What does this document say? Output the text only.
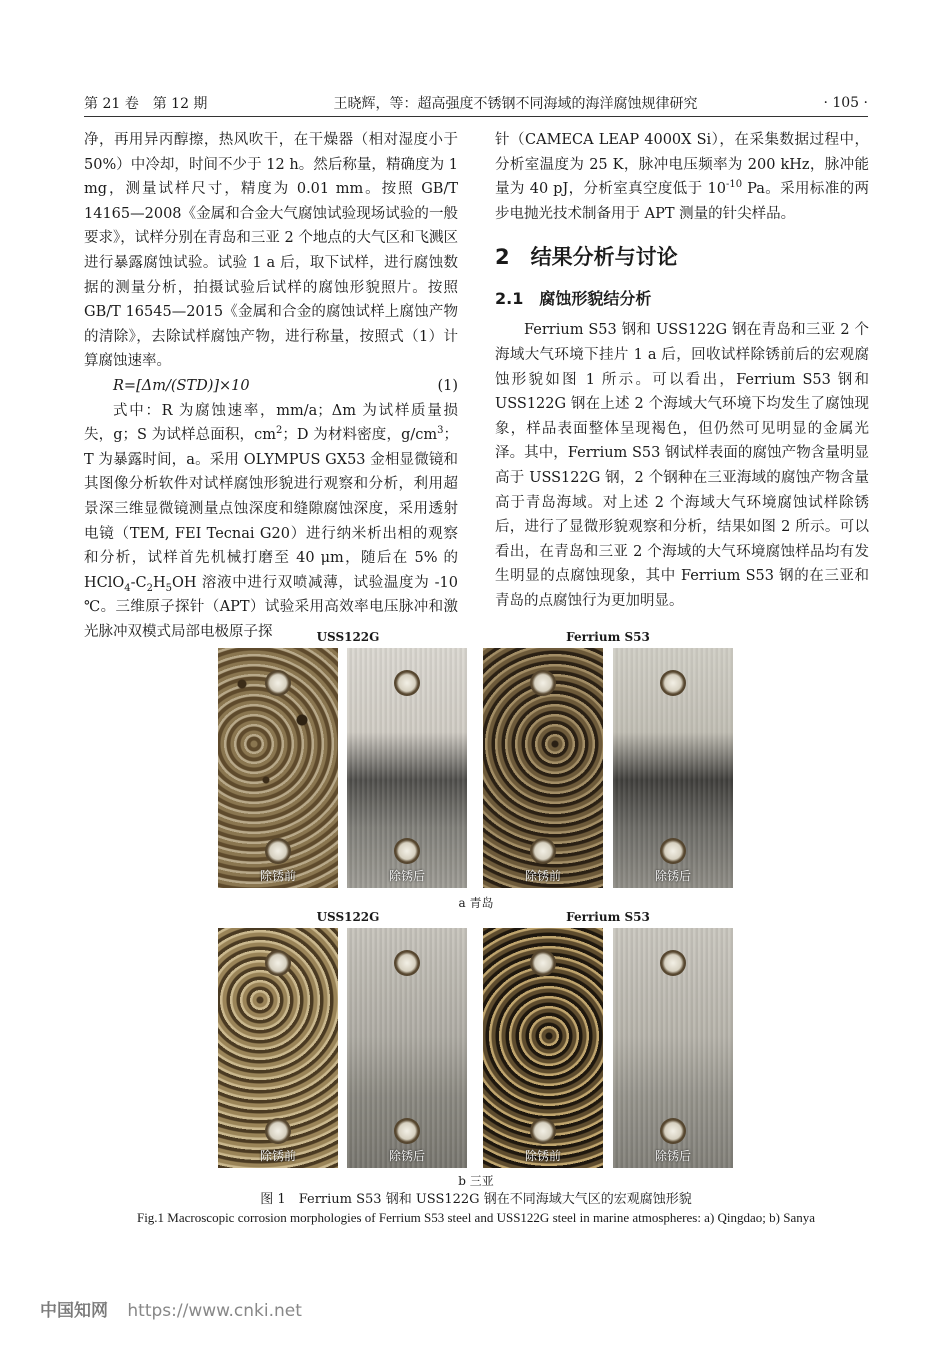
第 21 卷　第 12 期	王晓辉，等：超高强度不锈钢不同海域的海洋腐蚀规律研究	· 105 ·

净，再用异丙醇擦，热风吹干，在干燥器（相对湿度小于 50%）中冷却，时间不少于 12 h。然后称量，精确度为 1 mg，测量试样尺寸，精度为 0.01 mm。按照 GB/T 14165—2008《金属和合金大气腐蚀试验现场试验的一般要求》，试样分别在青岛和三亚 2 个地点的大气区和飞溅区进行暴露腐蚀试验。试验 1 a 后，取下试样，进行腐蚀数据的测量分析，拍摄试验后试样的腐蚀形貌照片。按照 GB/T 16545—2015《金属和合金的腐蚀试样上腐蚀产物的清除》，去除试样腐蚀产物，进行称量，按照式（1）计算腐蚀速率。

R=[Δm/(STD)]×10	(1)

式中：R 为腐蚀速率，mm/a；Δm 为试样质量损失，g；S 为试样总面积，$cm^2$；D 为材料密度，$g/cm^3$；T 为暴露时间，a。采用 OLYMPUS GX53 金相显微镜和其图像分析软件对试样腐蚀形貌进行观察和分析，利用超景深三维显微镜测量点蚀深度和缝隙腐蚀深度，采用透射电镜（TEM, FEI Tecnai G20）进行纳米析出相的观察和分析，试样首先机械打磨至 40 μm，随后在 5% 的 $HClO_4-C_2H_5OH$ 溶液中进行双喷减薄，试验温度为 -10 ℃。三维原子探针（APT）试验采用高效率电压脉冲和激光脉冲双模式局部电极原子探

针（CAMECA LEAP 4000X Si），在采集数据过程中，分析室温度为 25 K，脉冲电压频率为 200 kHz，脉冲能量为 40 pJ，分析室真空度低于 $10^{-10}$ Pa。采用标准的两步电抛光技术制备用于 APT 测量的针尖样品。

2　结果分析与讨论

2.1　腐蚀形貌结分析

Ferrium S53 钢和 USS122G 钢在青岛和三亚 2 个海域大气环境下挂片 1 a 后，回收试样除锈前后的宏观腐蚀形貌如图 1 所示。可以看出，Ferrium S53 钢和 USS122G 钢在上述 2 个海域大气环境下均发生了腐蚀现象，样品表面整体呈现褐色，但仍然可见明显的金属光泽。其中，Ferrium S53 钢试样表面的腐蚀产物含量明显高于 USS122G 钢，2 个钢种在三亚海域的腐蚀产物含量高于青岛海域。对上述 2 个海域大气环境腐蚀试样除锈后，进行了显微形貌观察和分析，结果如图 2 所示。可以看出，在青岛和三亚 2 个海域的大气环境腐蚀样品均有发生明显的点腐蚀现象，其中 Ferrium S53 钢的在三亚和青岛的点腐蚀行为更加明显。

USS122G	Ferrium S53
除锈前	除锈后	除锈前	除锈后
a 青岛
USS122G	Ferrium S53
除锈前	除锈后	除锈前	除锈后
b 三亚
图 1　Ferrium S53 钢和 USS122G 钢在不同海域大气区的宏观腐蚀形貌
Fig.1 Macroscopic corrosion morphologies of Ferrium S53 steel and USS122G steel in marine atmospheres: a) Qingdao; b) Sanya
中国知网 https://www.cnki.net
